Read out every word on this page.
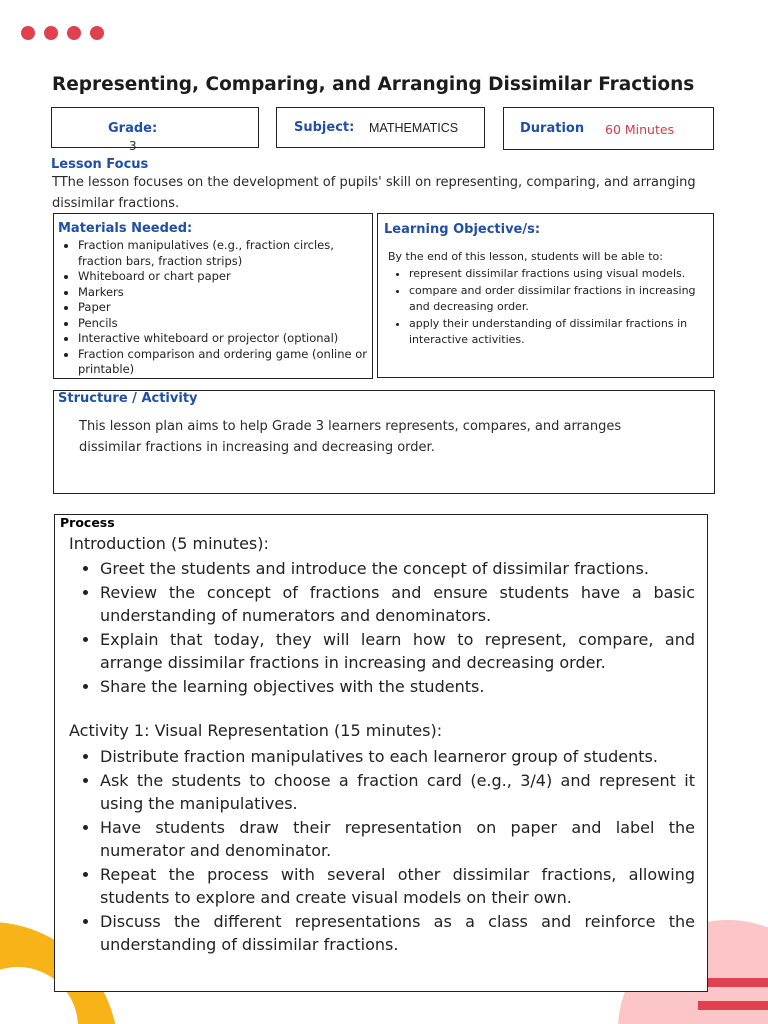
Representing, Comparing, and Arranging Dissimilar Fractions
Grade:
3
Subject: MATHEMATICS	Duration 60 Minutes
Lesson Focus

TThe lesson focuses on the development of pupils' skill on representing, comparing, and arranging dissimilar fractions.

Materials Needed:
• Fraction manipulatives (e.g., fraction circles, fraction bars, fraction strips)
• Whiteboard or chart paper
• Markers
• Paper
• Pencils
• Interactive whiteboard or projector (optional)
• Fraction comparison and ordering game (online or printable)
Learning Objective/s:

By the end of this lesson, students will be able to:

• represent dissimilar fractions using visual models.
• compare and order dissimilar fractions in increasing and decreasing order.
• apply their understanding of dissimilar fractions in interactive activities.
Structure / Activity

This lesson plan aims to help Grade 3 learners represents, compares, and arranges dissimilar fractions in increasing and decreasing order.

Process

Introduction (5 minutes):

• Greet the students and introduce the concept of dissimilar fractions.
• Review the concept of fractions and ensure students have a basic understanding of numerators and denominators.
• Explain that today, they will learn how to represent, compare, and arrange dissimilar fractions in increasing and decreasing order.
• Share the learning objectives with the students.

Activity 1: Visual Representation (15 minutes):

• Distribute fraction manipulatives to each learneror group of students.
• Ask the students to choose a fraction card (e.g., 3/4) and represent it using the manipulatives.
• Have students draw their representation on paper and label the numerator and denominator.
• Repeat the process with several other dissimilar fractions, allowing students to explore and create visual models on their own.
• Discuss the different representations as a class and reinforce the understanding of dissimilar fractions.
